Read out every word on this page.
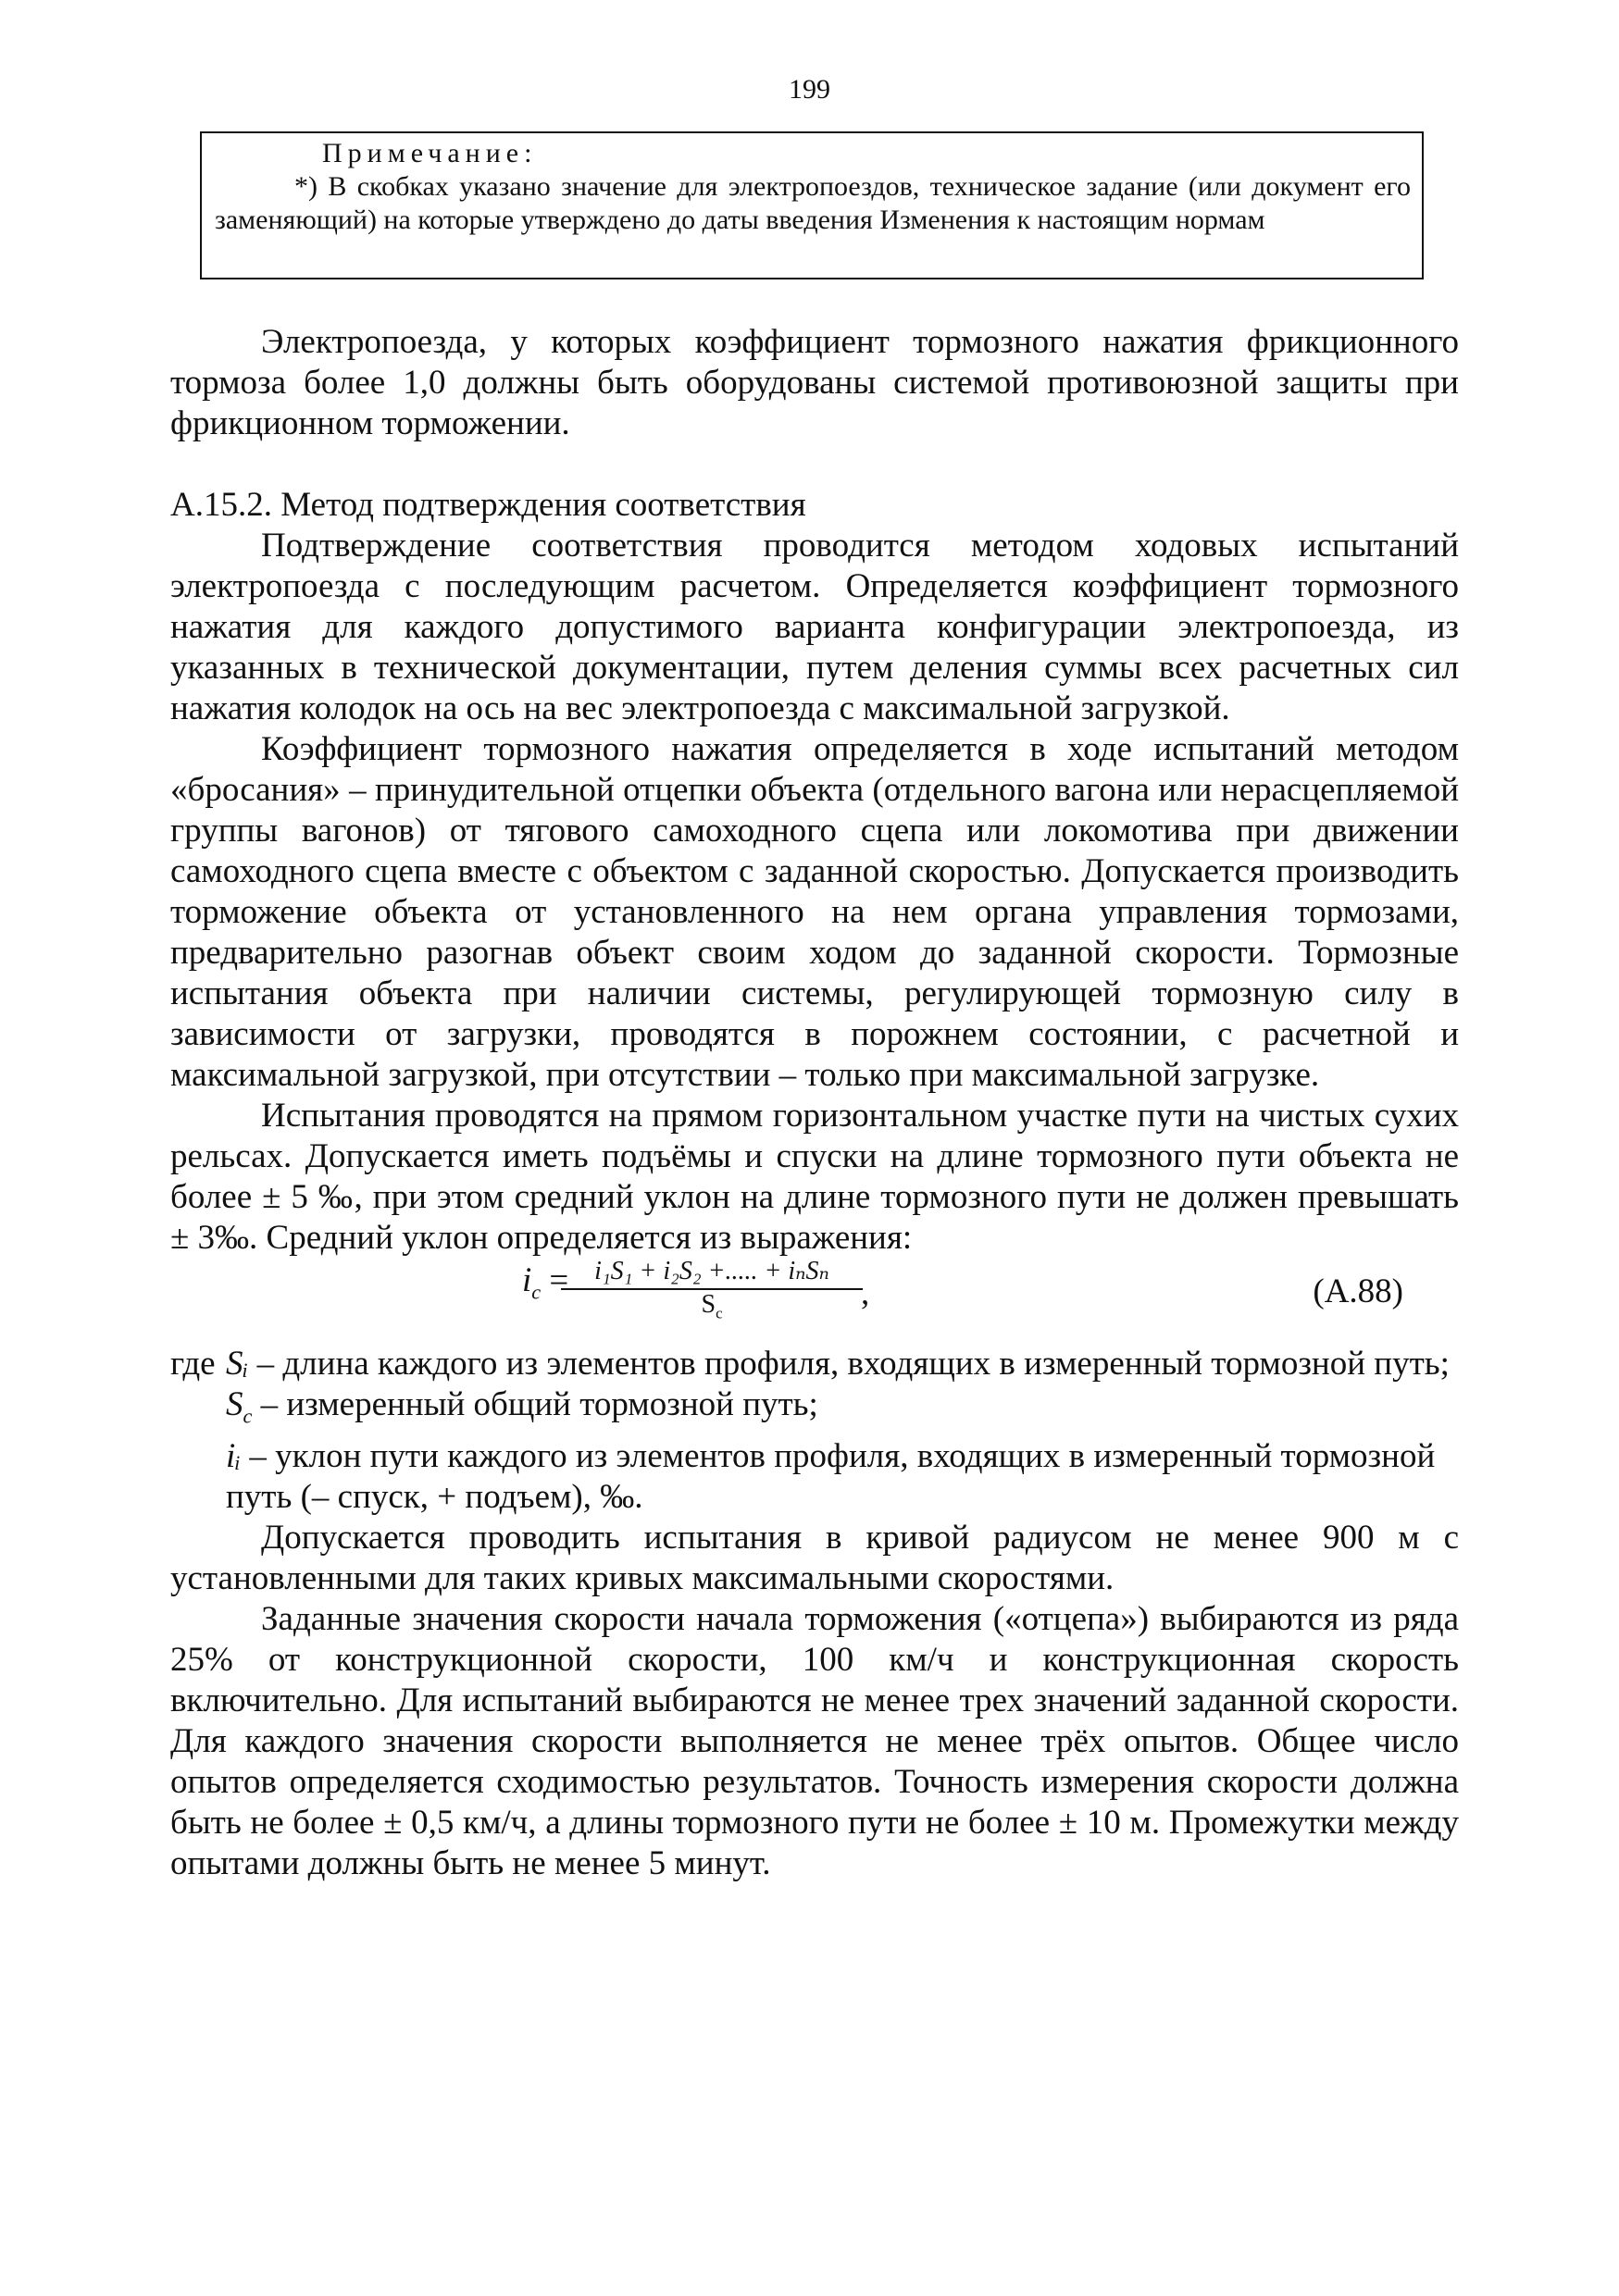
199
Примечание:
*) В скобках указано значение для электропоездов, техническое задание (или документ его заменяющий) на которые утверждено до даты введения Изменения к настоящим нормам

Электропоезда, у которых коэффициент тормозного нажатия фрикционного тормоза более 1,0 должны быть оборудованы системой противоюзной защиты при фрикционном торможении.

А.15.2. Метод подтверждения соответствия

Подтверждение соответствия проводится методом ходовых испытаний электропоезда с последующим расчетом. Определяется коэффициент тормозного нажатия для каждого допустимого варианта конфигурации электропоезда, из указанных в технической документации, путем деления суммы всех расчетных сил нажатия колодок на ось на вес электропоезда с максимальной загрузкой.

Коэффициент тормозного нажатия определяется в ходе испытаний методом «бросания» – принудительной отцепки объекта (отдельного вагона или нерасцепляемой группы вагонов) от тягового самоходного сцепа или локомотива при движении самоходного сцепа вместе с объектом с заданной скоростью. Допускается производить торможение объекта от установленного на нем органа управления тормозами, предварительно разогнав объект своим ходом до заданной скорости. Тормозные испытания объекта при наличии системы, регулирующей тормозную силу в зависимости от загрузки, проводятся в порожнем состоянии, с расчетной и максимальной загрузкой, при отсутствии – только при максимальной загрузке.

Испытания проводятся на прямом горизонтальном участке пути на чистых сухих рельсах. Допускается иметь подъёмы и спуски на длине тормозного пути объекта не более ± 5 ‰, при этом средний уклон на длине тормозного пути не должен превышать ± 3‰. Средний уклон определяется из выражения:

$i_c = i_1S_1 + i_2S_2$ +..... + iₙSₙ
$S_c$
,	(А.88)

где Sᵢ – длина каждого из элементов профиля, входящих в измеренный тормозной путь;

$S_c$ – измеренный общий тормозной путь;

iᵢ – уклон пути каждого из элементов профиля, входящих в измеренный тормозной путь (– спуск, + подъем), ‰.

Допускается проводить испытания в кривой радиусом не менее 900 м с установленными для таких кривых максимальными скоростями.

Заданные значения скорости начала торможения («отцепа») выбираются из ряда 25% от конструкционной скорости, 100 км/ч и конструкционная скорость включительно. Для испытаний выбираются не менее трех значений заданной скорости. Для каждого значения скорости выполняется не менее трёх опытов. Общее число опытов определяется сходимостью результатов. Точность измерения скорости должна быть не более ± 0,5 км/ч, а длины тормозного пути не более ± 10 м. Промежутки между опытами должны быть не менее 5 минут.
